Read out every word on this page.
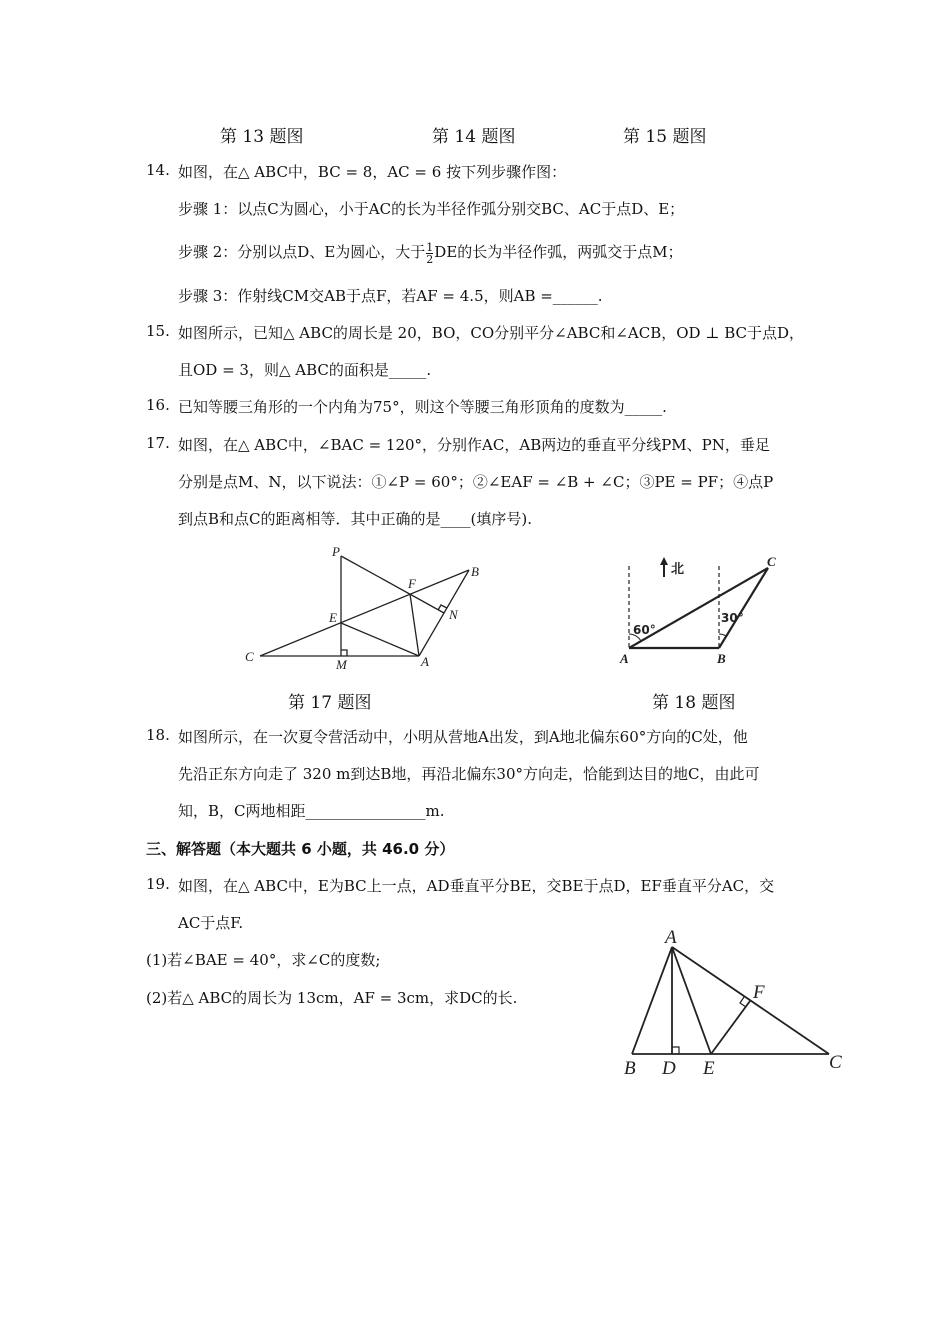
第 13 题图	第 14 题图	第 15 题图
14. 如图，在△ ABC中，BC = 8，AC = 6 按下列步骤作图：
步骤 1：以点C为圆心，小于AC的长为半径作弧分别交BC、AC于点D、E；
步骤 2：分别以点D、E为圆心，大于 $\frac{1}{2}$ DE的长为半径作弧，两弧交于点M；
步骤 3：作射线CM交AB于点F，若AF = 4.5，则AB =______.
15. 如图所示，已知△ ABC的周长是 20，BO，CO分别平分∠ABC和∠ACB，OD ⊥ BC于点D，
且OD = 3，则△ ABC的面积是_____.
16. 已知等腰三角形的一个内角为75°，则这个等腰三角形顶角的度数为_____.
17. 如图，在△ ABC中，∠BAC = 120°，分别作AC，AB两边的垂直平分线PM、PN，垂足
分别是点M、N，以下说法：①∠P = 60°；②∠EAF = ∠B + ∠C；③PE = PF；④点P
到点B和点C的距离相等．其中正确的是____(填序号).
P
B
F
N
E
C
M	A
北
C
A	B
60°
30°
第 17 题图	第 18 题图
18. 如图所示，在一次夏令营活动中，小明从营地A出发，到A地北偏东60°方向的C处，他
先沿正东方向走了 320 m到达B地，再沿北偏东30°方向走，恰能到达目的地C，由此可
知，B，C两地相距________________m.
三、解答题（本大题共 6 小题，共 46.0 分）
19. 如图，在△ ABC中，E为BC上一点，AD垂直平分BE，交BE于点D，EF垂直平分AC，交
AC于点F.
(1)若∠BAE = 40°，求∠C的度数;
(2)若△ ABC的周长为 13cm，AF = 3cm，求DC的长.
A
F
B D E	C
